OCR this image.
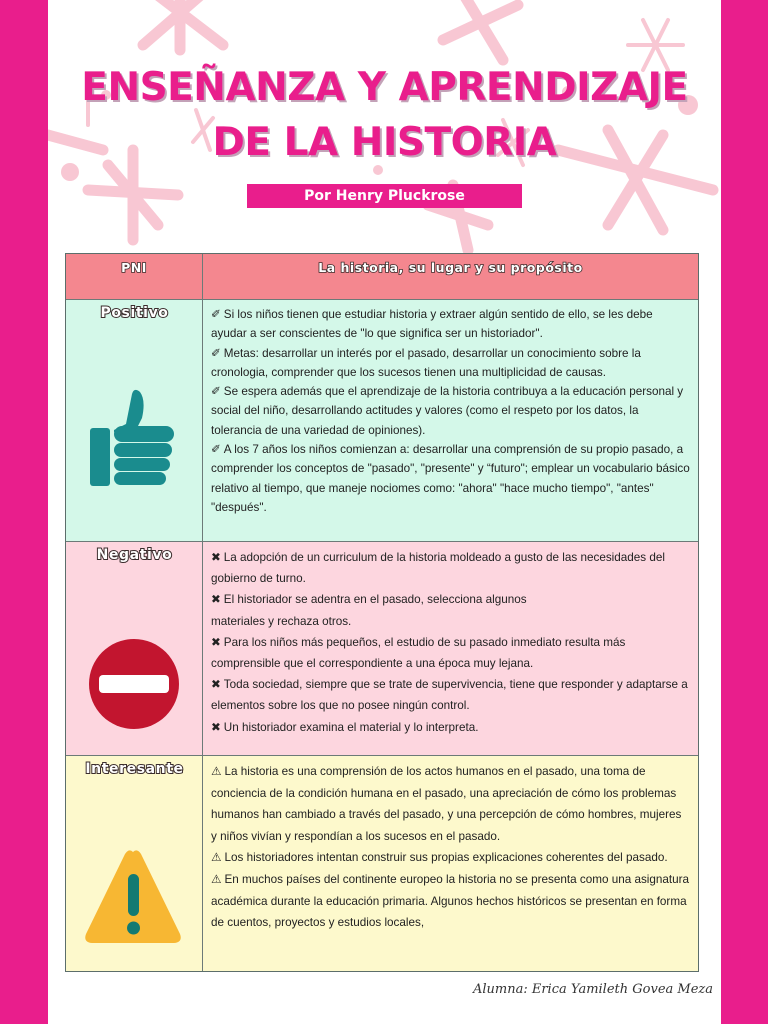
ENSEÑANZA Y APRENDIZAJE
DE LA HISTORIA
Por Henry Pluckrose
PNI	La historia, su lugar y su propósito
Positivo	✐ Si los niños tienen que estudiar historia y extraer algún sentido de ello, se les debe ayudar a ser conscientes de "lo que significa ser un historiador".
✐ Metas: desarrollar un interés por el pasado, desarrollar un conocimiento sobre la cronologia, comprender que los sucesos tienen una multiplicidad de causas.
✐ Se espera además que el aprendizaje de la historia contribuya a la educación personal y social del niño, desarrollando actitudes y valores (como el respeto por los datos, la tolerancia de una variedad de opiniones).
✐ A los 7 años los niños comienzan a: desarrollar una comprensión de su propio pasado, a comprender los conceptos de "pasado", "presente" y “futuro"; emplear un vocabulario básico relativo al tiempo, que maneje nociomes como: "ahora" "hace mucho tiempo", "antes" "después".
Negativo	✖ La adopción de un curriculum de la historia moldeado a gusto de las necesidades del gobierno de turno.
✖ El historiador se adentra en el pasado, selecciona algunos
materiales y rechaza otros.
✖ Para los niños más pequeños, el estudio de su pasado inmediato resulta más comprensible que el correspondiente a una época muy lejana.
✖ Toda sociedad, siempre que se trate de supervivencia, tiene que responder y adaptarse a elementos sobre los que no posee ningún control.
✖ Un historiador examina el material y lo interpreta.
Interesante	⚠ La historia es una comprensión de los actos humanos en el pasado, una toma de conciencia de la condición humana en el pasado, una apreciación de cómo los problemas humanos han cambiado a través del pasado, y una percepción de cómo hombres, mujeres y niños vivían y respondían a los sucesos en el pasado.
⚠ Los historiadores intentan construir sus propias explicaciones coherentes del pasado.
⚠ En muchos países del continente europeo la historia no se presenta como una asignatura académica durante la educación primaria. Algunos hechos históricos se presentan en forma de cuentos, proyectos y estudios locales,
Alumna: Erica Yamileth Govea Meza
